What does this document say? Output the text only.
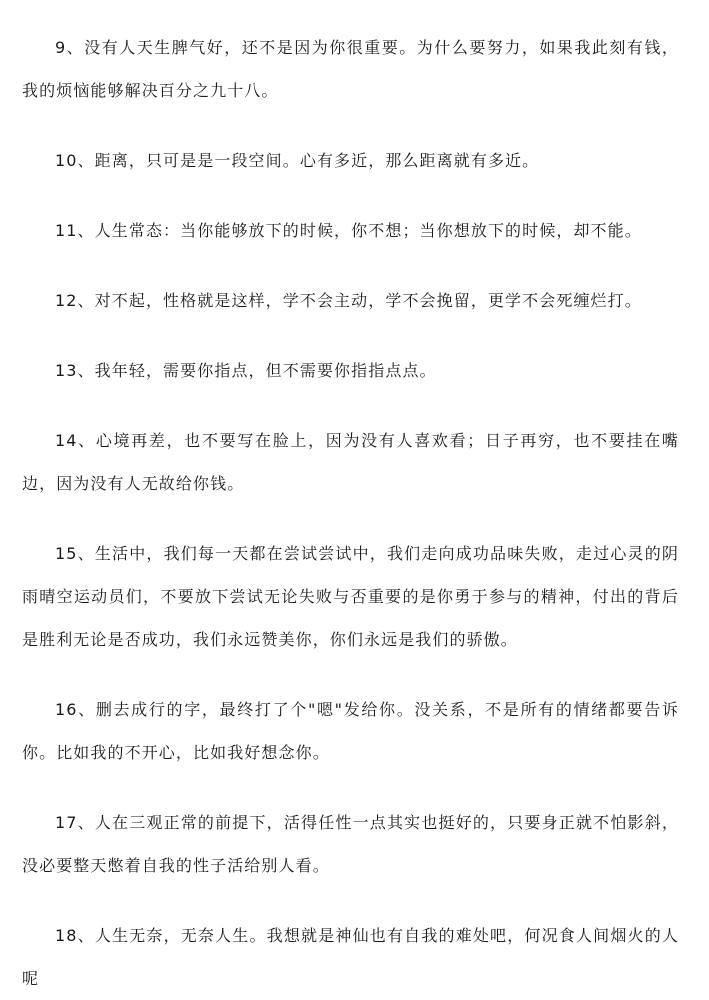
9、没有人天生脾气好，还不是因为你很重要。为什么要努力，如果我此刻有钱，我的烦恼能够解决百分之九十八。

10、距离，只可是是一段空间。心有多近，那么距离就有多近。

11、人生常态：当你能够放下的时候，你不想；当你想放下的时候，却不能。

12、对不起，性格就是这样，学不会主动，学不会挽留，更学不会死缠烂打。

13、我年轻，需要你指点，但不需要你指指点点。

14、心境再差，也不要写在脸上，因为没有人喜欢看；日子再穷，也不要挂在嘴边，因为没有人无故给你钱。

15、生活中，我们每一天都在尝试尝试中，我们走向成功品味失败，走过心灵的阴雨晴空运动员们，不要放下尝试无论失败与否重要的是你勇于参与的精神，付出的背后是胜利无论是否成功，我们永远赞美你，你们永远是我们的骄傲。

16、删去成行的字，最终打了个"嗯"发给你。没关系，不是所有的情绪都要告诉你。比如我的不开心，比如我好想念你。

17、人在三观正常的前提下，活得任性一点其实也挺好的，只要身正就不怕影斜，没必要整天憋着自我的性子活给别人看。

18、人生无奈，无奈人生。我想就是神仙也有自我的难处吧，何况食人间烟火的人呢
